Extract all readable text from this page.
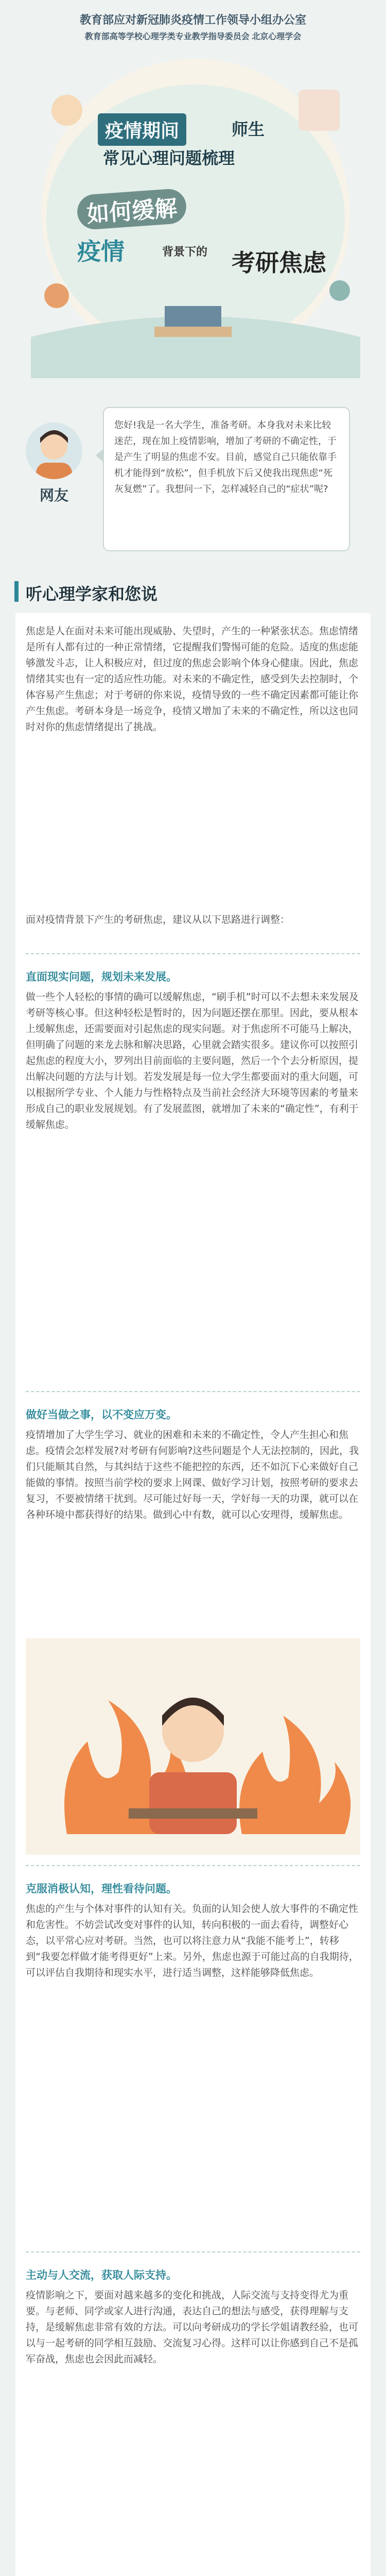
教育部应对新冠肺炎疫情工作领导小组办公室
教育部高等学校心理学类专业教学指导委员会 北京心理学会
疫情期间	师生
常见心理问题梳理
如何缓解
疫情	背景下的 考研焦虑
网友
您好!我是一名大学生，准备考研。本身我对未来比较迷茫，现在加上疫情影响，增加了考研的不确定性，于是产生了明显的焦虑不安。目前，感觉自己只能依靠手机才能得到“放松”，但手机放下后又使我出现焦虑“死灰复燃”了。我想问一下，怎样减轻自己的“症状”呢?
听心理学家和您说
焦虑是人在面对未来可能出现威胁、失望时，产生的一种紧张状态。焦虑情绪是所有人都有过的一种正常情绪，它提醒我们警惕可能的危险。适度的焦虑能够激发斗志，让人积极应对，但过度的焦虑会影响个体身心健康。因此，焦虑情绪其实也有一定的适应性功能。对未来的不确定性，感受到失去控制时，个体容易产生焦虑；对于考研的你来说，疫情导致的一些不确定因素都可能让你产生焦虑。考研本身是一场竞争，疫情又增加了未来的不确定性，所以这也同时对你的焦虑情绪提出了挑战。
面对疫情背景下产生的考研焦虑，建议从以下思路进行调整：
直面现实问题，规划未来发展。
做一些个人轻松的事情的确可以缓解焦虑，“刷手机”时可以不去想未来发展及考研等核心事。但这种轻松是暂时的，因为问题还摆在那里。因此，要从根本上缓解焦虑，还需要面对引起焦虑的现实问题。对于焦虑所不可能马上解决，但明确了问题的来龙去脉和解决思路，心里就会踏实很多。建议你可以按照引起焦虑的程度大小，罗列出目前面临的主要问题，然后一个个去分析原因，提出解决问题的方法与计划。若发发展是每一位大学生都要面对的重大问题，可以根据所学专业、个人能力与性格特点及当前社会经济大环境等因素的考量来形成自己的职业发展规划。有了发展蓝图，就增加了未来的“确定性”，有利于缓解焦虑。
做好当做之事，以不变应万变。
疫情增加了大学生学习、就业的困难和未来的不确定性，令人产生担心和焦虑。疫情会怎样发展?对考研有何影响?这些问题是个人无法控制的，因此，我们只能顺其自然，与其纠结于这些不能把控的东西，还不如沉下心来做好自己能做的事情。按照当前学校的要求上网课、做好学习计划，按照考研的要求去复习，不要被情绪干扰到。尽可能过好每一天，学好每一天的功课，就可以在各种环境中都获得好的结果。做到心中有数，就可以心安理得，缓解焦虑。
克服消极认知，理性看待问题。
焦虑的产生与个体对事件的认知有关。负面的认知会使人放大事件的不确定性和危害性。不妨尝试改变对事件的认知，转向积极的一面去看待，调整好心态，以平常心应对考研。当然，也可以将注意力从“我能不能考上”，转移到“我要怎样做才能考得更好”上来。另外，焦虑也源于可能过高的自我期待，可以评估自我期待和现实水平，进行适当调整，这样能够降低焦虑。
主动与人交流，获取人际支持。
疫情影响之下，要面对越来越多的变化和挑战，人际交流与支持变得尤为重要。与老师、同学或家人进行沟通，表达自己的想法与感受，获得理解与支持，是缓解焦虑非常有效的方法。可以向考研成功的学长学姐请教经验，也可以与一起考研的同学相互鼓励、交流复习心得。这样可以让你感到自己不是孤军奋战，焦虑也会因此而减轻。
